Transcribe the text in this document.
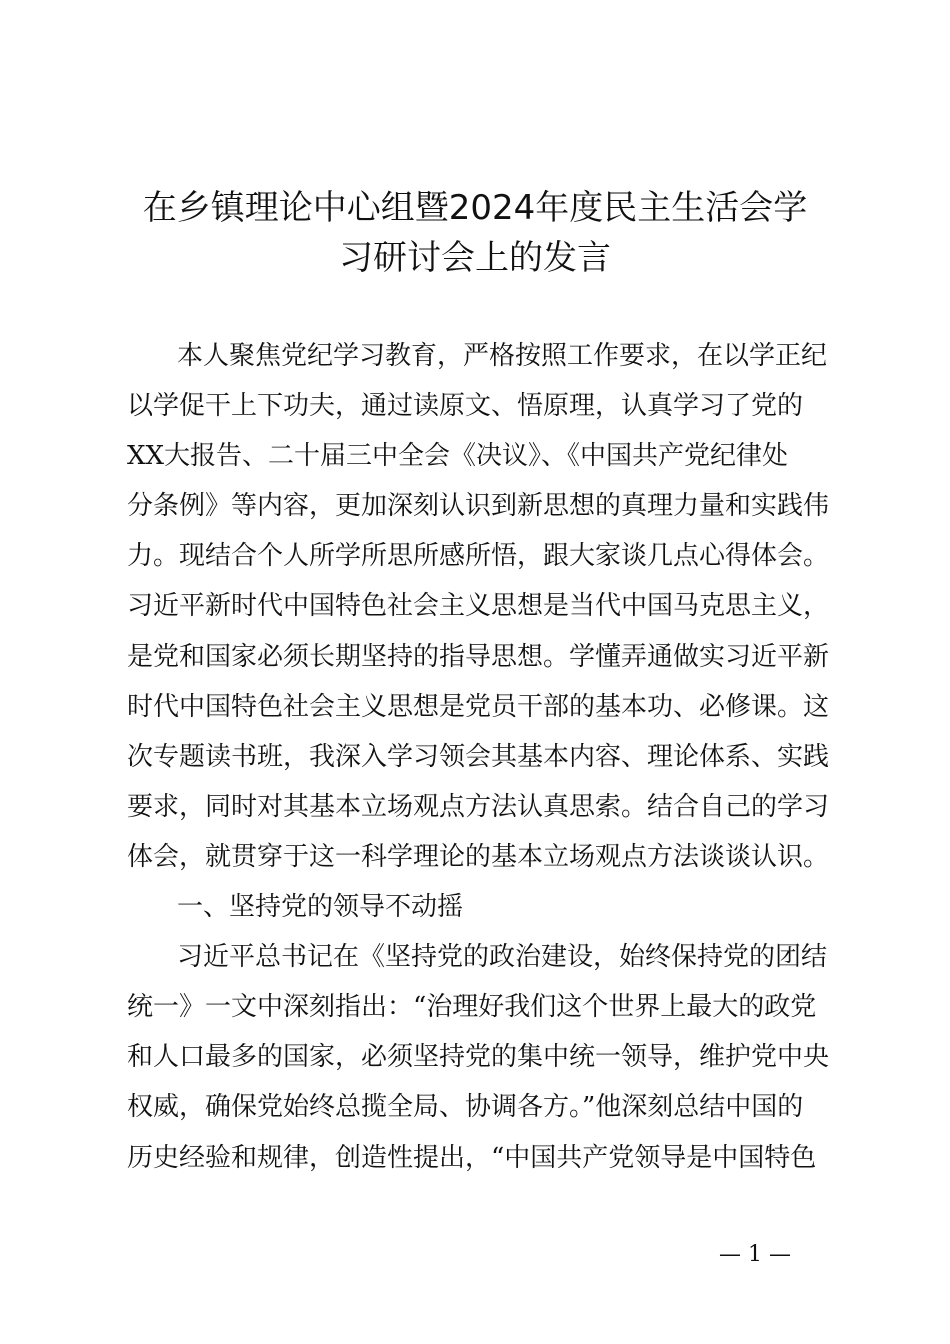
在乡镇理论中心组暨2024年度民主生活会学
习研讨会上的发言
本人聚焦党纪学习教育，严格按照工作要求，在以学正纪
以学促干上下功夫，通过读原文、悟原理，认真学习了党的
XX大报告、二十届三中全会《决议》、《中国共产党纪律处
分条例》等内容，更加深刻认识到新思想的真理力量和实践伟
力。现结合个人所学所思所感所悟，跟大家谈几点心得体会。
习近平新时代中国特色社会主义思想是当代中国马克思主义，
是党和国家必须长期坚持的指导思想。学懂弄通做实习近平新
时代中国特色社会主义思想是党员干部的基本功、必修课。这
次专题读书班，我深入学习领会其基本内容、理论体系、实践
要求，同时对其基本立场观点方法认真思索。结合自己的学习
体会，就贯穿于这一科学理论的基本立场观点方法谈谈认识。
一、坚持党的领导不动摇
习近平总书记在《坚持党的政治建设，始终保持党的团结
统一》一文中深刻指出：“治理好我们这个世界上最大的政党
和人口最多的国家，必须坚持党的集中统一领导，维护党中央
权威，确保党始终总揽全局、协调各方。”他深刻总结中国的
历史经验和规律，创造性提出，“中国共产党领导是中国特色
— 1 —
